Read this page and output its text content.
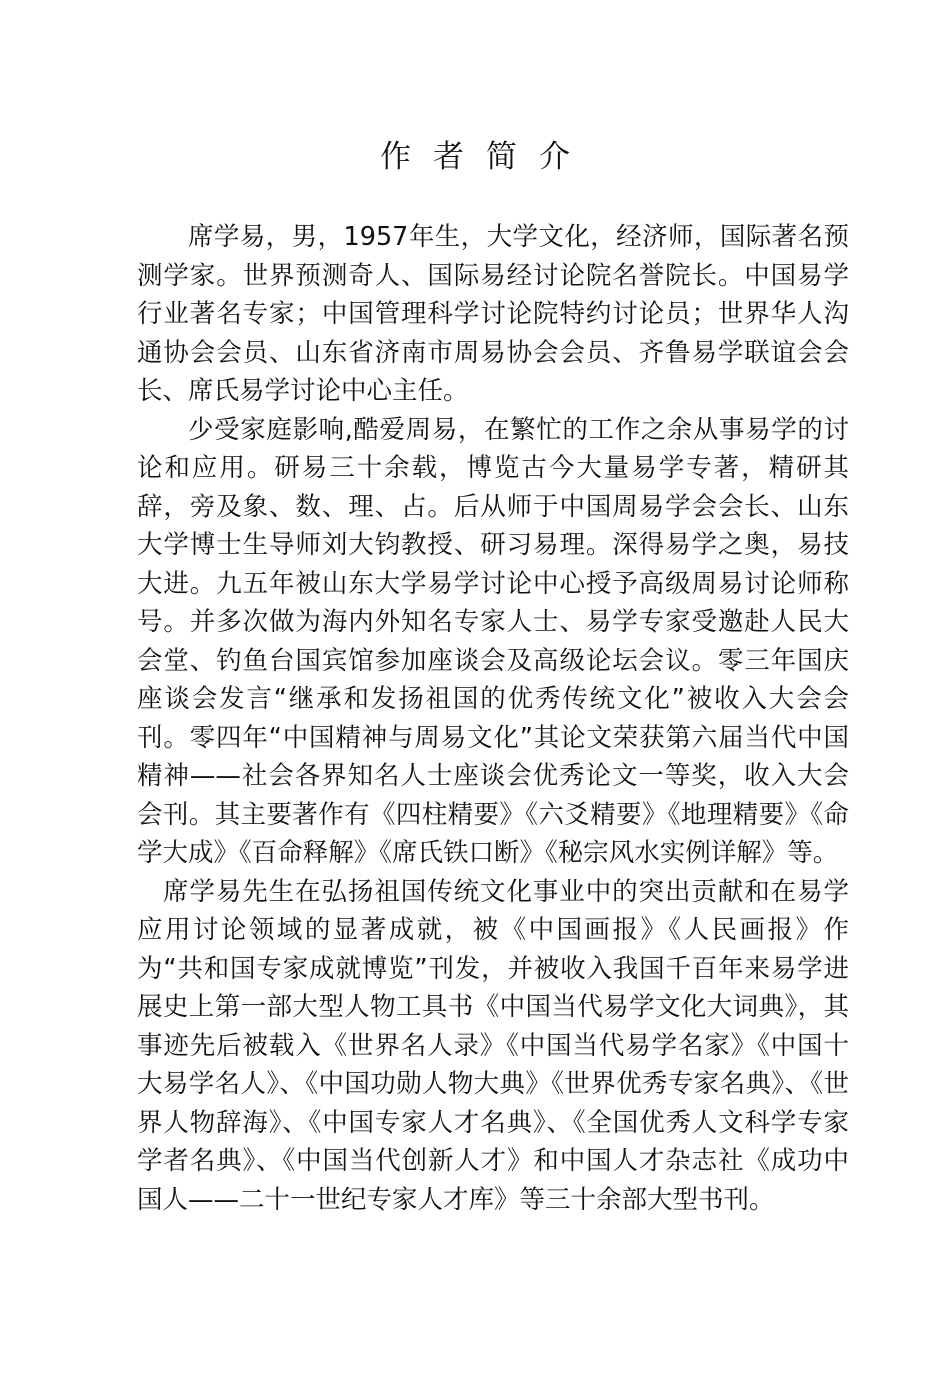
作者简介

席学易，男，1957年生，大学文化，经济师，国际著名预测学家。世界预测奇人、国际易经讨论院名誉院长。中国易学行业著名专家；中国管理科学讨论院特约讨论员；世界华人沟通协会会员、山东省济南市周易协会会员、齐鲁易学联谊会会长、席氏易学讨论中心主任。

少受家庭影响,酷爱周易，在繁忙的工作之余从事易学的讨论和应用。研易三十余载，博览古今大量易学专著，精研其辞，旁及象、数、理、占。后从师于中国周易学会会长、山东大学博士生导师刘大钧教授、研习易理。深得易学之奥，易技大进。九五年被山东大学易学讨论中心授予高级周易讨论师称号。并多次做为海内外知名专家人士、易学专家受邀赴人民大会堂、钓鱼台国宾馆参加座谈会及高级论坛会议。零三年国庆座谈会发言“继承和发扬祖国的优秀传统文化”被收入大会会刊。零四年“中国精神与周易文化”其论文荣获第六届当代中国精神——社会各界知名人士座谈会优秀论文一等奖，收入大会会刊。其主要著作有《四柱精要》《六爻精要》《地理精要》《命学大成》《百命释解》《席氏铁口断》《秘宗风水实例详解》等。

席学易先生在弘扬祖国传统文化事业中的突出贡献和在易学应用讨论领域的显著成就，被《中国画报》《人民画报》作为“共和国专家成就博览”刊发，并被收入我国千百年来易学进展史上第一部大型人物工具书《中国当代易学文化大词典》，其事迹先后被载入《世界名人录》《中国当代易学名家》《中国十大易学名人》、《中国功勋人物大典》《世界优秀专家名典》、《世界人物辞海》、《中国专家人才名典》、《全国优秀人文科学专家学者名典》、《中国当代创新人才》和中国人才杂志社《成功中国人——二十一世纪专家人才库》等三十余部大型书刊。
